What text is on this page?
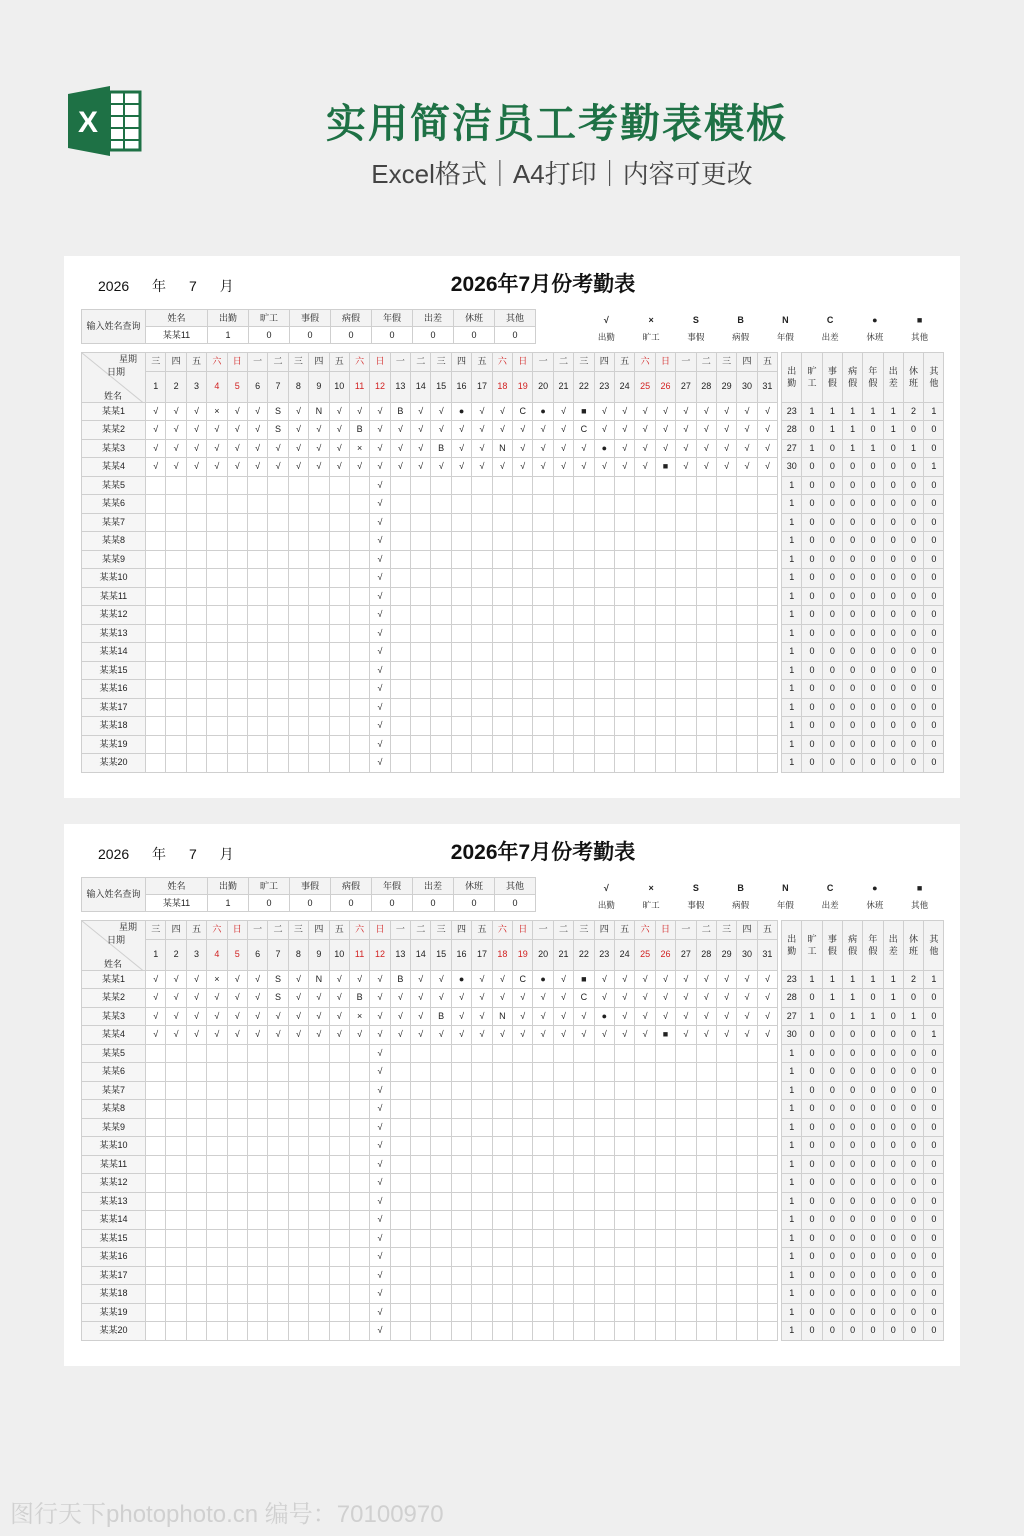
X	实用简洁员工考勤表模板
Excel格式｜A4打印｜内容可更改
2026 年 7 月	2026年7月份考勤表
输入姓名查询	姓名	出勤	旷工	事假	病假	年假	出差	休班	其他
	某某11	1	0	0	0	0	0	0	0
√	×	S	B	N	C	●	■
出勤	旷工	事假	病假	年假	出差	休班	其他
星期
日期
姓名	三	四	五	六	日	一	二	三	四	五	六	日	一	二	三	四	五	六	日	一	二	三	四	五	六	日	一	二	三	四	五		出勤	旷工	事假	病假	年假	出差	休班	其他
	1	2	3	4	5	6	7	8	9	10	11	12	13	14	15	16	17	18	19	20	21	22	23	24	25	26	27	28	29	30	31									
某某1	√	√	√	×	√	√	S	√	N	√	√	√	B	√	√	●	√	√	C	●	√	■	√	√	√	√	√	√	√	√	√		23	1	1	1	1	1	2	1
某某2	√	√	√	√	√	√	S	√	√	√	B	√	√	√	√	√	√	√	√	√	√	C	√	√	√	√	√	√	√	√	√		28	0	1	1	0	1	0	0
某某3	√	√	√	√	√	√	√	√	√	√	×	√	√	√	B	√	√	N	√	√	√	√	●	√	√	√	√	√	√	√	√		27	1	0	1	1	0	1	0
某某4	√	√	√	√	√	√	√	√	√	√	√	√	√	√	√	√	√	√	√	√	√	√	√	√	√	■	√	√	√	√	√		30	0	0	0	0	0	0	1
某某5												√																					1	0	0	0	0	0	0	0
某某6												√																					1	0	0	0	0	0	0	0
某某7												√																					1	0	0	0	0	0	0	0
某某8												√																					1	0	0	0	0	0	0	0
某某9												√																					1	0	0	0	0	0	0	0
某某10												√																					1	0	0	0	0	0	0	0
某某11												√																					1	0	0	0	0	0	0	0
某某12												√																					1	0	0	0	0	0	0	0
某某13												√																					1	0	0	0	0	0	0	0
某某14												√																					1	0	0	0	0	0	0	0
某某15												√																					1	0	0	0	0	0	0	0
某某16												√																					1	0	0	0	0	0	0	0
某某17												√																					1	0	0	0	0	0	0	0
某某18												√																					1	0	0	0	0	0	0	0
某某19												√																					1	0	0	0	0	0	0	0
某某20												√																					1	0	0	0	0	0	0	0
2026 年 7 月	2026年7月份考勤表
输入姓名查询	姓名	出勤	旷工	事假	病假	年假	出差	休班	其他
	某某11	1	0	0	0	0	0	0	0
√	×	S	B	N	C	●	■
出勤	旷工	事假	病假	年假	出差	休班	其他
星期
日期
姓名	三	四	五	六	日	一	二	三	四	五	六	日	一	二	三	四	五	六	日	一	二	三	四	五	六	日	一	二	三	四	五		出勤	旷工	事假	病假	年假	出差	休班	其他
	1	2	3	4	5	6	7	8	9	10	11	12	13	14	15	16	17	18	19	20	21	22	23	24	25	26	27	28	29	30	31									
某某1	√	√	√	×	√	√	S	√	N	√	√	√	B	√	√	●	√	√	C	●	√	■	√	√	√	√	√	√	√	√	√		23	1	1	1	1	1	2	1
某某2	√	√	√	√	√	√	S	√	√	√	B	√	√	√	√	√	√	√	√	√	√	C	√	√	√	√	√	√	√	√	√		28	0	1	1	0	1	0	0
某某3	√	√	√	√	√	√	√	√	√	√	×	√	√	√	B	√	√	N	√	√	√	√	●	√	√	√	√	√	√	√	√		27	1	0	1	1	0	1	0
某某4	√	√	√	√	√	√	√	√	√	√	√	√	√	√	√	√	√	√	√	√	√	√	√	√	√	■	√	√	√	√	√		30	0	0	0	0	0	0	1
某某5												√																					1	0	0	0	0	0	0	0
某某6												√																					1	0	0	0	0	0	0	0
某某7												√																					1	0	0	0	0	0	0	0
某某8												√																					1	0	0	0	0	0	0	0
某某9												√																					1	0	0	0	0	0	0	0
某某10												√																					1	0	0	0	0	0	0	0
某某11												√																					1	0	0	0	0	0	0	0
某某12												√																					1	0	0	0	0	0	0	0
某某13												√																					1	0	0	0	0	0	0	0
某某14												√																					1	0	0	0	0	0	0	0
某某15												√																					1	0	0	0	0	0	0	0
某某16												√																					1	0	0	0	0	0	0	0
某某17												√																					1	0	0	0	0	0	0	0
某某18												√																					1	0	0	0	0	0	0	0
某某19												√																					1	0	0	0	0	0	0	0
某某20												√																					1	0	0	0	0	0	0	0
图行天下photophoto.cn 编号：70100970
